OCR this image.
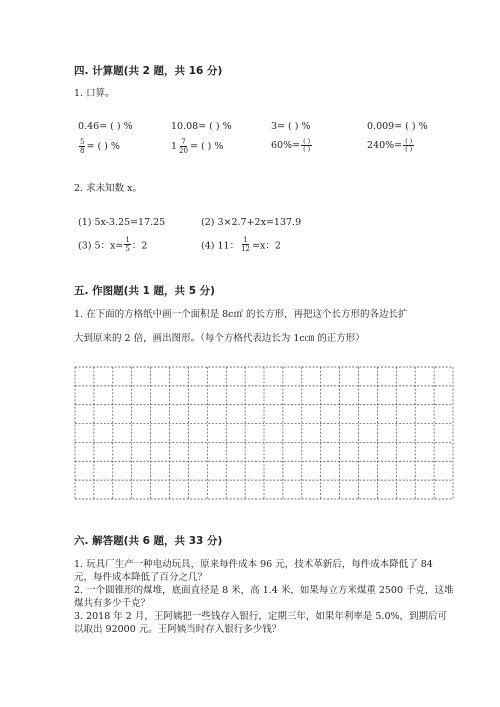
四. 计算题(共 2 题，共 16 分)
1. 口算。
0.46= ( ) %	10.08= ( ) %	3= ( ) %	0.009= ( ) %
$\frac{5}{8}$ = ( ) %	$1 \frac{7}{20}$ = ( ) %	$60\%= \frac{( )}{( )}$	$240\%= \frac{( )}{( )}$
2. 求未知数 x。
(1) 5x-3.25=17.25	(2) 3×2.7+2x=137.9
(3) 5：$x= \frac{1}{5}$ ：2	(4) 11： $\frac{1}{12} =x$：2
五. 作图题(共 1 题，共 5 分)
1. 在下面的方格纸中画一个面积是 8c㎡ 的长方形，再把这个长方形的各边长扩
大到原来的 2 倍，画出图形。（每个方格代表边长为 1c㎝ 的正方形）
六. 解答题(共 6 题，共 33 分)
1. 玩具厂生产一种电动玩具，原来每件成本 96 元，技术革新后，每件成本降低了 84 元，每件成本降低了百分之几？
2. 一个圆锥形的煤堆，底面直径是 8 米，高 1.4 米，如果每立方米煤重 2500 千克，这堆煤共有多少千克？
3. 2018 年 2 月，王阿姨把一些钱存入银行，定期三年，如果年利率是 5.0%，到期后可以取出 92000 元。王阿姨当时存入银行多少钱？
